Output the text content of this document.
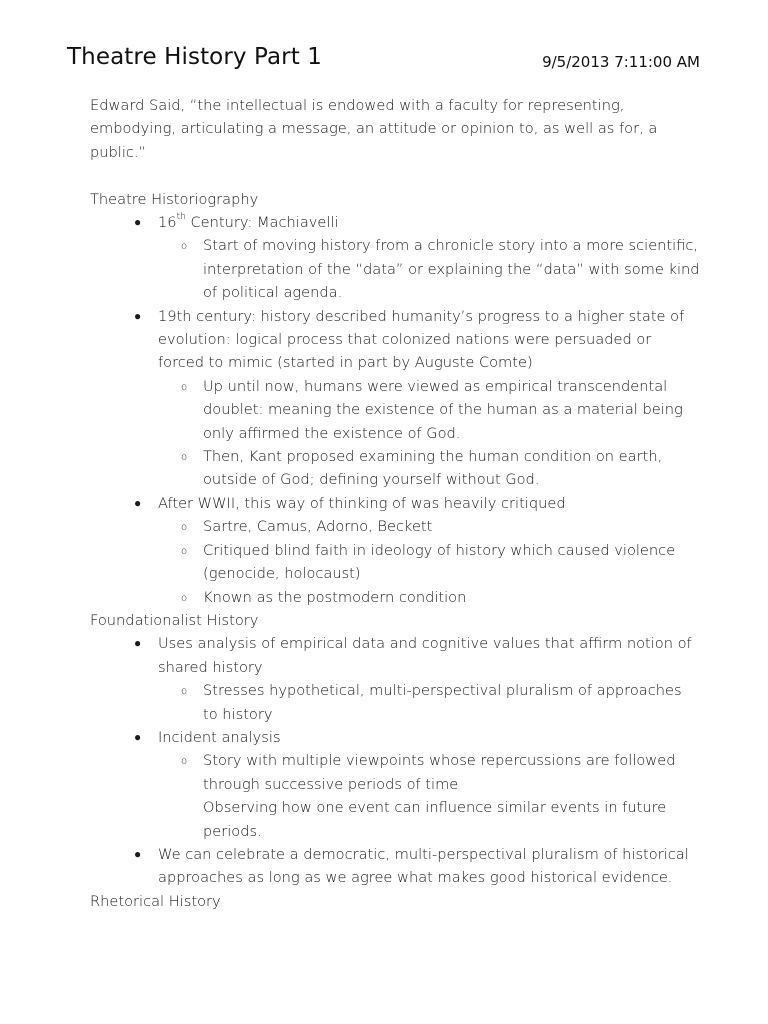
Theatre History Part 1	9/5/2013 7:11:00 AM

Edward Said, “the intellectual is endowed with a faculty for representing, embodying, articulating a message, an attitude or opinion to, as well as for, a public.”

Theatre Historiography

● 16th Century: Machiavelli
o Start of moving history from a chronicle story into a more scientific, interpretation of the “data” or explaining the “data” with some kind of political agenda.
● 19th century: history described humanity’s progress to a higher state of evolution: logical process that colonized nations were persuaded or forced to mimic (started in part by Auguste Comte)
o Up until now, humans were viewed as empirical transcendental doublet: meaning the existence of the human as a material being only affirmed the existence of God.
o Then, Kant proposed examining the human condition on earth, outside of God; defining yourself without God.
● After WWII, this way of thinking of was heavily critiqued
o Sartre, Camus, Adorno, Beckett
o Critiqued blind faith in ideology of history which caused violence (genocide, holocaust)
o Known as the postmodern condition

Foundationalist History

● Uses analysis of empirical data and cognitive values that affirm notion of shared history
o Stresses hypothetical, multi-perspectival pluralism of approaches to history
● Incident analysis
o Story with multiple viewpoints whose repercussions are followed through successive periods of time
Observing how one event can influence similar events in future periods.
● We can celebrate a democratic, multi-perspectival pluralism of historical approaches as long as we agree what makes good historical evidence.

Rhetorical History
